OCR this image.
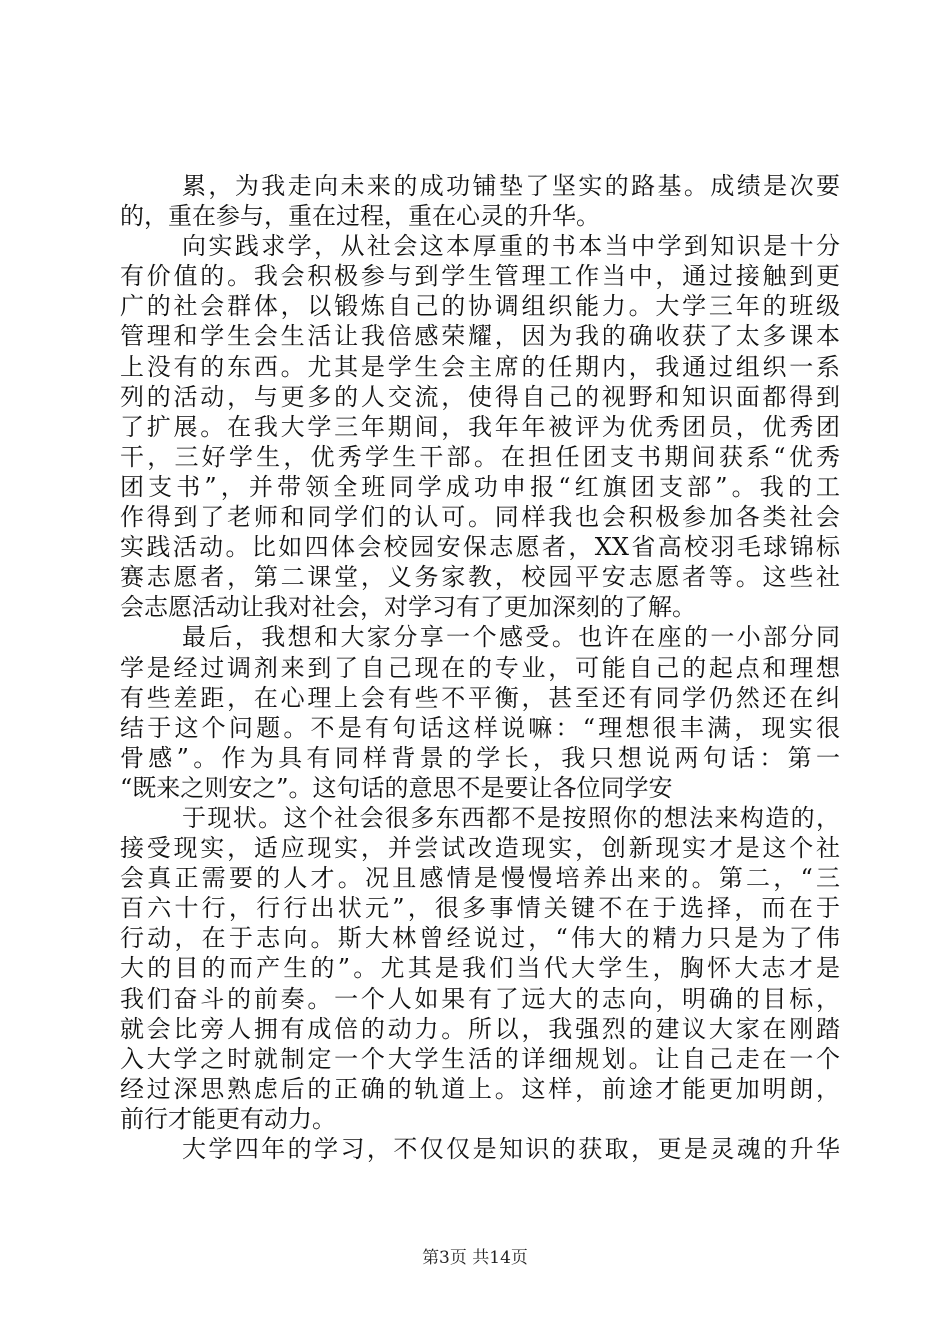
累，为我走向未来的成功铺垫了坚实的路基。成绩是次要
的，重在参与，重在过程，重在心灵的升华。
向实践求学，从社会这本厚重的书本当中学到知识是十分
有价值的。我会积极参与到学生管理工作当中，通过接触到更
广的社会群体，以锻炼自己的协调组织能力。大学三年的班级
管理和学生会生活让我倍感荣耀，因为我的确收获了太多课本
上没有的东西。尤其是学生会主席的任期内，我通过组织一系
列的活动，与更多的人交流，使得自己的视野和知识面都得到
了扩展。在我大学三年期间，我年年被评为优秀团员，优秀团
干，三好学生，优秀学生干部。在担任团支书期间获系“优秀
团支书”，并带领全班同学成功申报“红旗团支部”。我的工
作得到了老师和同学们的认可。同样我也会积极参加各类社会
实践活动。比如四体会校园安保志愿者，XX省高校羽毛球锦标
赛志愿者，第二课堂，义务家教，校园平安志愿者等。这些社
会志愿活动让我对社会，对学习有了更加深刻的了解。
最后，我想和大家分享一个感受。也许在座的一小部分同
学是经过调剂来到了自己现在的专业，可能自己的起点和理想
有些差距，在心理上会有些不平衡，甚至还有同学仍然还在纠
结于这个问题。不是有句话这样说嘛：“理想很丰满，现实很
骨感”。作为具有同样背景的学长，我只想说两句话：第一
“既来之则安之”。这句话的意思不是要让各位同学安
于现状。这个社会很多东西都不是按照你的想法来构造的，
接受现实，适应现实，并尝试改造现实，创新现实才是这个社
会真正需要的人才。况且感情是慢慢培养出来的。第二，“三
百六十行，行行出状元”，很多事情关键不在于选择，而在于
行动，在于志向。斯大林曾经说过，“伟大的精力只是为了伟
大的目的而产生的”。尤其是我们当代大学生，胸怀大志才是
我们奋斗的前奏。一个人如果有了远大的志向，明确的目标，
就会比旁人拥有成倍的动力。所以，我强烈的建议大家在刚踏
入大学之时就制定一个大学生活的详细规划。让自己走在一个
经过深思熟虑后的正确的轨道上。这样，前途才能更加明朗，
前行才能更有动力。
大学四年的学习，不仅仅是知识的获取，更是灵魂的升华
第3页 共14页
